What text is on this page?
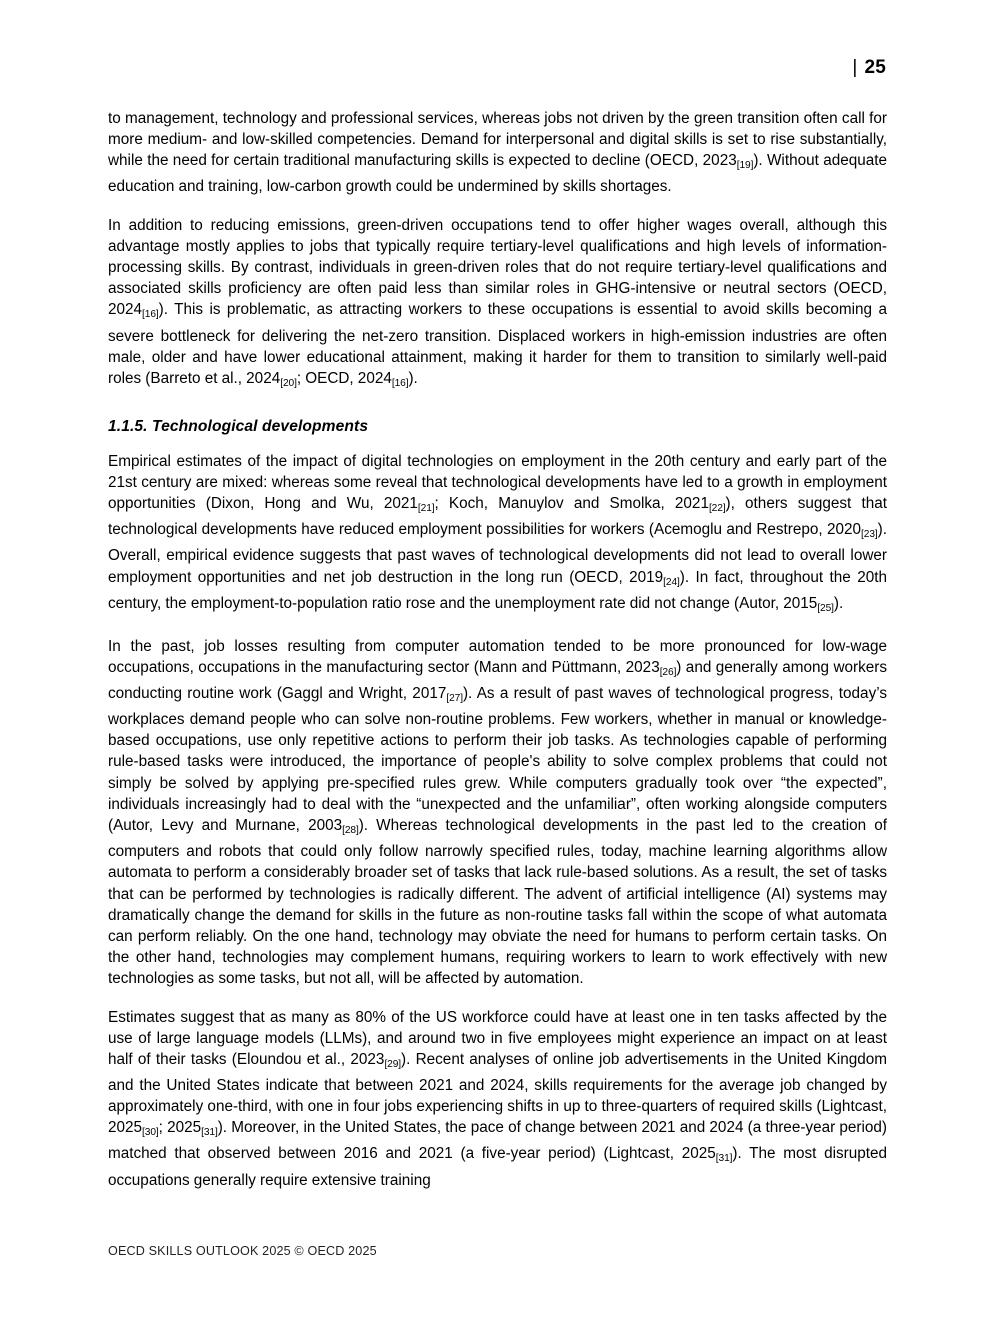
| 25

to management, technology and professional services, whereas jobs not driven by the green transition often call for more medium- and low-skilled competencies. Demand for interpersonal and digital skills is set to rise substantially, while the need for certain traditional manufacturing skills is expected to decline (OECD, 2023[19]). Without adequate education and training, low-carbon growth could be undermined by skills shortages.

In addition to reducing emissions, green-driven occupations tend to offer higher wages overall, although this advantage mostly applies to jobs that typically require tertiary-level qualifications and high levels of information-processing skills. By contrast, individuals in green-driven roles that do not require tertiary-level qualifications and associated skills proficiency are often paid less than similar roles in GHG-intensive or neutral sectors (OECD, 2024[16]). This is problematic, as attracting workers to these occupations is essential to avoid skills becoming a severe bottleneck for delivering the net-zero transition. Displaced workers in high-emission industries are often male, older and have lower educational attainment, making it harder for them to transition to similarly well-paid roles (Barreto et al., 2024[20]; OECD, 2024[16]).

1.1.5. Technological developments

Empirical estimates of the impact of digital technologies on employment in the 20th century and early part of the 21st century are mixed: whereas some reveal that technological developments have led to a growth in employment opportunities (Dixon, Hong and Wu, 2021[21]; Koch, Manuylov and Smolka, 2021[22]), others suggest that technological developments have reduced employment possibilities for workers (Acemoglu and Restrepo, 2020[23]). Overall, empirical evidence suggests that past waves of technological developments did not lead to overall lower employment opportunities and net job destruction in the long run (OECD, 2019[24]). In fact, throughout the 20th century, the employment-to-population ratio rose and the unemployment rate did not change (Autor, 2015[25]).

In the past, job losses resulting from computer automation tended to be more pronounced for low-wage occupations, occupations in the manufacturing sector (Mann and Püttmann, 2023[26]) and generally among workers conducting routine work (Gaggl and Wright, 2017[27]). As a result of past waves of technological progress, today’s workplaces demand people who can solve non-routine problems. Few workers, whether in manual or knowledge-based occupations, use only repetitive actions to perform their job tasks. As technologies capable of performing rule-based tasks were introduced, the importance of people's ability to solve complex problems that could not simply be solved by applying pre-specified rules grew. While computers gradually took over “the expected”, individuals increasingly had to deal with the “unexpected and the unfamiliar”, often working alongside computers (Autor, Levy and Murnane, 2003[28]). Whereas technological developments in the past led to the creation of computers and robots that could only follow narrowly specified rules, today, machine learning algorithms allow automata to perform a considerably broader set of tasks that lack rule-based solutions. As a result, the set of tasks that can be performed by technologies is radically different. The advent of artificial intelligence (AI) systems may dramatically change the demand for skills in the future as non-routine tasks fall within the scope of what automata can perform reliably. On the one hand, technology may obviate the need for humans to perform certain tasks. On the other hand, technologies may complement humans, requiring workers to learn to work effectively with new technologies as some tasks, but not all, will be affected by automation.

Estimates suggest that as many as 80% of the US workforce could have at least one in ten tasks affected by the use of large language models (LLMs), and around two in five employees might experience an impact on at least half of their tasks (Eloundou et al., 2023[29]). Recent analyses of online job advertisements in the United Kingdom and the United States indicate that between 2021 and 2024, skills requirements for the average job changed by approximately one-third, with one in four jobs experiencing shifts in up to three-quarters of required skills (Lightcast, 2025[30]; 2025[31]). Moreover, in the United States, the pace of change between 2021 and 2024 (a three-year period) matched that observed between 2016 and 2021 (a five-year period) (Lightcast, 2025[31]). The most disrupted occupations generally require extensive training

OECD SKILLS OUTLOOK 2025 © OECD 2025
